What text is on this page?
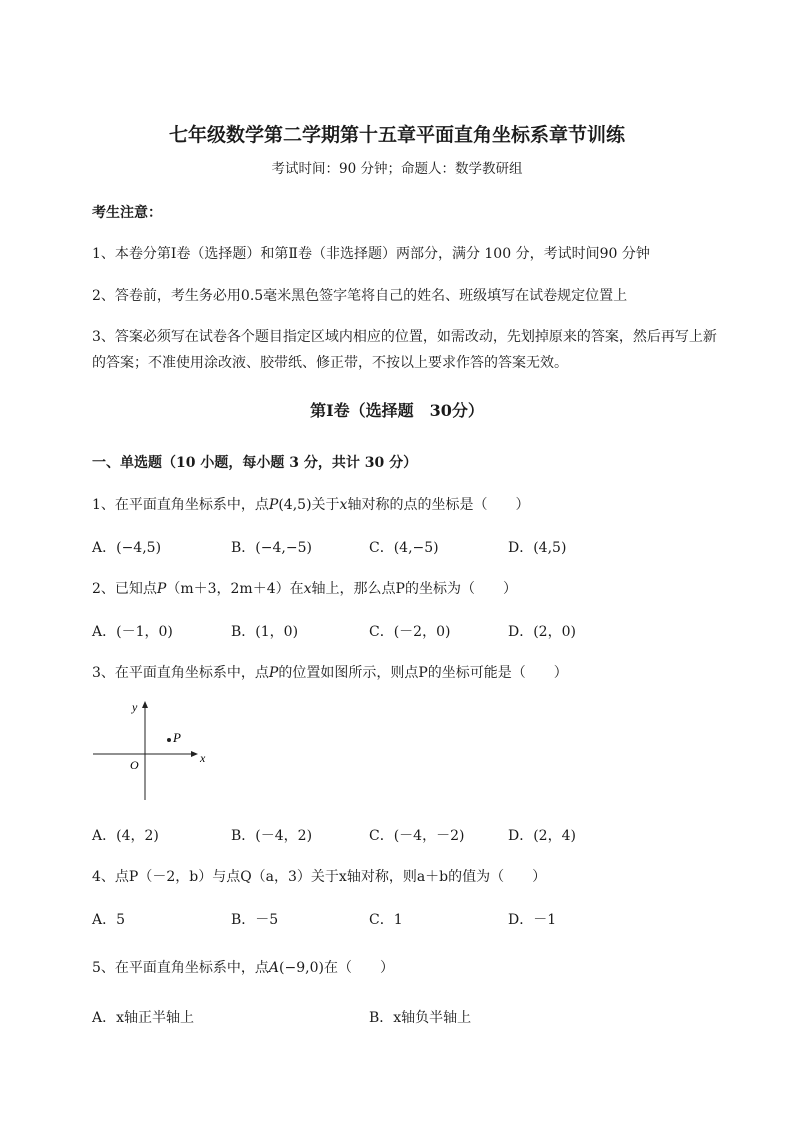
七年级数学第二学期第十五章平面直角坐标系章节训练
考试时间：90 分钟；命题人：数学教研组
考生注意：
1、本卷分第Ⅰ卷（选择题）和第Ⅱ卷（非选择题）两部分，满分 100 分，考试时间90 分钟
2、答卷前，考生务必用0.5毫米黑色签字笔将自己的姓名、班级填写在试卷规定位置上
3、答案必须写在试卷各个题目指定区域内相应的位置，如需改动，先划掉原来的答案，然后再写上新
的答案；不准使用涂改液、胶带纸、修正带，不按以上要求作答的答案无效。
第Ⅰ卷（选择题　30分）
一、单选题（10 小题，每小题 3 分，共计 30 分）
1、在平面直角坐标系中，点P(4,5)关于x轴对称的点的坐标是（　　）
A．(−4,5)	B．(−4,−5)	C．(4,−5)	D．(4,5)
2、已知点P（m＋3，2m＋4）在x轴上，那么点P的坐标为（　　）
A．(－1，0)	B．(1，0)	C．(－2，0)	D．(2，0)
3、在平面直角坐标系中，点P的位置如图所示，则点P的坐标可能是（　　）
y
x
O
P
A．(4，2)	B．(－4，2)	C．(－4，－2)	D．(2，4)
4、点P（－2，b）与点Q（a，3）关于x轴对称，则a＋b的值为（　　）
A．5	B．－5	C．1	D．－1
5、在平面直角坐标系中，点A(−9,0)在（　　）
A．x轴正半轴上	B．x轴负半轴上
